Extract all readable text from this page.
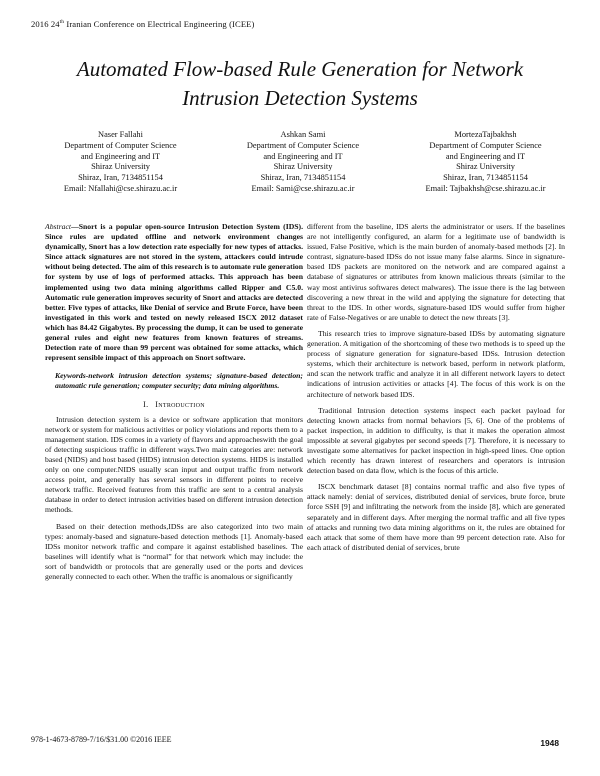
2016 24th Iranian Conference on Electrical Engineering (ICEE)
Automated Flow-based Rule Generation for Network
Intrusion Detection Systems
Naser Fallahi
Department of Computer Science
and Engineering and IT
Shiraz University
Shiraz, Iran, 7134851154
Email: Nfallahi@cse.shirazu.ac.ir
Ashkan Sami
Department of Computer Science
and Engineering and IT
Shiraz University
Shiraz, Iran, 7134851154
Email: Sami@cse.shirazu.ac.ir
MortezaTajbakhsh
Department of Computer Science
and Engineering and IT
Shiraz University
Shiraz, Iran, 7134851154
Email: Tajbakhsh@cse.shirazu.ac.ir

Abstract—Snort is a popular open-source Intrusion Detection System (IDS). Since rules are updated offline and network environment changes dynamically, Snort has a low detection rate especially for new types of attacks. Since attack signatures are not stored in the system, attackers could intrude without being detected. The aim of this research is to automate rule generation for system by use of logs of performed attacks. This approach has been implemented using two data mining algorithms called Ripper and C5.0. Automatic rule generation improves security of Snort and attacks are detected better. Five types of attacks, like Denial of service and Brute Force, have been investigated in this work and tested on newly released ISCX 2012 dataset which has 84.42 Gigabytes. By processing the dump, it can be used to generate general rules and eight new features from known features of streams. Detection rate of more than 99 percent was obtained for some attacks, which represent sensible impact of this approach on Snort software.

Keywords-network intrusion detection systems; signature-based detection; automatic rule generation; computer security; data mining algorithms.

I. Introduction

Intrusion detection system is a device or software application that monitors network or system for malicious activities or policy violations and reports them to a management station. IDS comes in a variety of flavors and approacheswith the goal of detecting suspicious traffic in different ways.Two main categories are: network based (NIDS) and host based (HIDS) intrusion detection systems. HIDS is installed only on one computer.NIDS usually scan input and output traffic from network access point, and generally has several sensors in different points to receive network traffic. Received features from this traffic are sent to a central analysis database in order to detect intrusion activities based on different intrusion detection methods.

Based on their detection methods,IDSs are also categorized into two main types: anomaly-based and signature-based detection methods [1]. Anomaly-based IDSs monitor network traffic and compare it against established baselines. The baselines will identify what is “normal” for that network which may include: the sort of bandwidth or protocols that are generally used or the ports and devices generally connected to each other. When the traffic is anomalous or significantly

different from the baseline, IDS alerts the administrator or users. If the baselines are not intelligently configured, an alarm for a legitimate use of bandwidth is issued, False Positive, which is the main burden of anomaly-based methods [2]. In contrast, signature-based IDSs do not issue many false alarms. Since in signature-based IDS packets are monitored on the network and are compared against a database of signatures or attributes from known malicious threats (similar to the way most antivirus softwares detect malwares). The issue there is the lag between discovering a new threat in the wild and applying the signature for detecting that threat to the IDS. In other words, signature-based IDS would suffer from higher rate of False-Negatives or are unable to detect the new threats [3].

This research tries to improve signature-based IDSs by automating signature generation. A mitigation of the shortcoming of these two methods is to speed up the process of signature generation for signature-based IDSs. Intrusion detection systems, which their architecture is network based, perform in network platform, and scan the network traffic and analyze it in all different network layers to detect indications of intrusion activities or attacks [4]. The focus of this work is on the architecture of network based IDS.

Traditional Intrusion detection systems inspect each packet payload for detecting known attacks from normal behaviors [5, 6]. One of the problems of packet inspection, in addition to difficulty, is that it makes the operation almost impossible at several gigabytes per second speeds [7]. Therefore, it is necessary to investigate some alternatives for packet inspection in high-speed lines. One option which recently has drawn interest of researchers and operators is intrusion detection based on data flow, which is the focus of this article.

ISCX benchmark dataset [8] contains normal traffic and also five types of attack namely: denial of services, distributed denial of services, brute force, brute force SSH [9] and infiltrating the network from the inside [8], which are generated separately and in different days. After merging the normal traffic and all five types of attacks and running two data mining algorithms on it, the rules are obtained for each attack that some of them have more than 99 percent detection rate. Also for each attack of distributed denial of services, brute

978-1-4673-8789-7/16/$31.00 ©2016 IEEE	1948
